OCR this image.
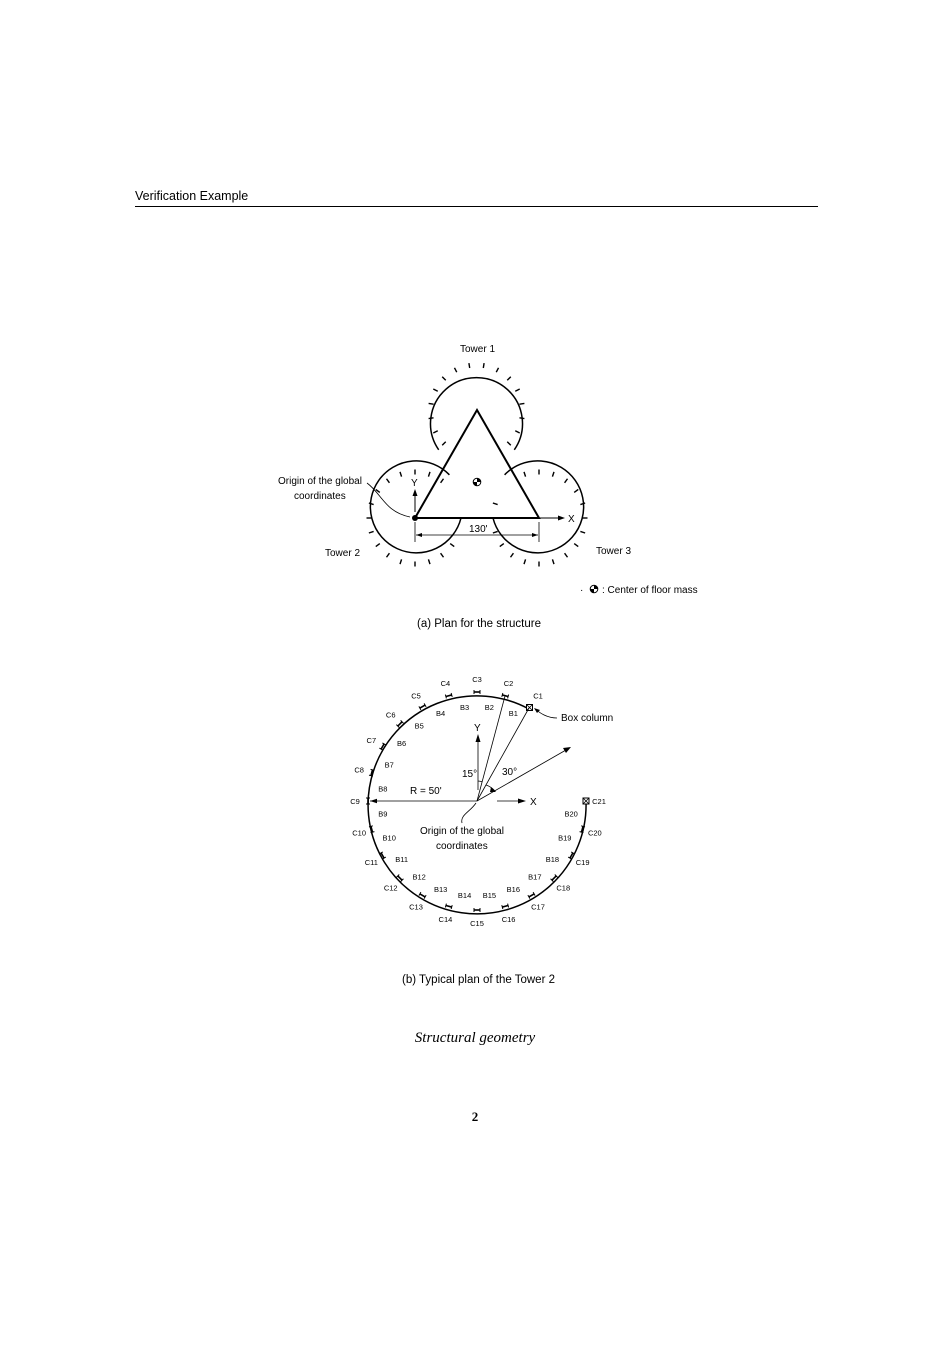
Verification Example
Y
X
130'
Tower 1
Tower 2	Tower 3
Origin of the global
coordinates
· : Center of floor mass
(a) Plan for the structure
C1
C2
C3
C4
C5
C6
C7
C8
C9
C10
C11
C12
C13
C14 C15 C16
C17
C18
C19
C20
C21
B1
B2
B3
B4
B5
B6
B7
B8
B9
B10
B11
B12
B13
B14 B15
B16
B17
B18
B19
B20
Y
X
R = 50'
15° 30°
Box column
Origin of the global
coordinates
(b) Typical plan of the Tower 2
Structural geometry
2
